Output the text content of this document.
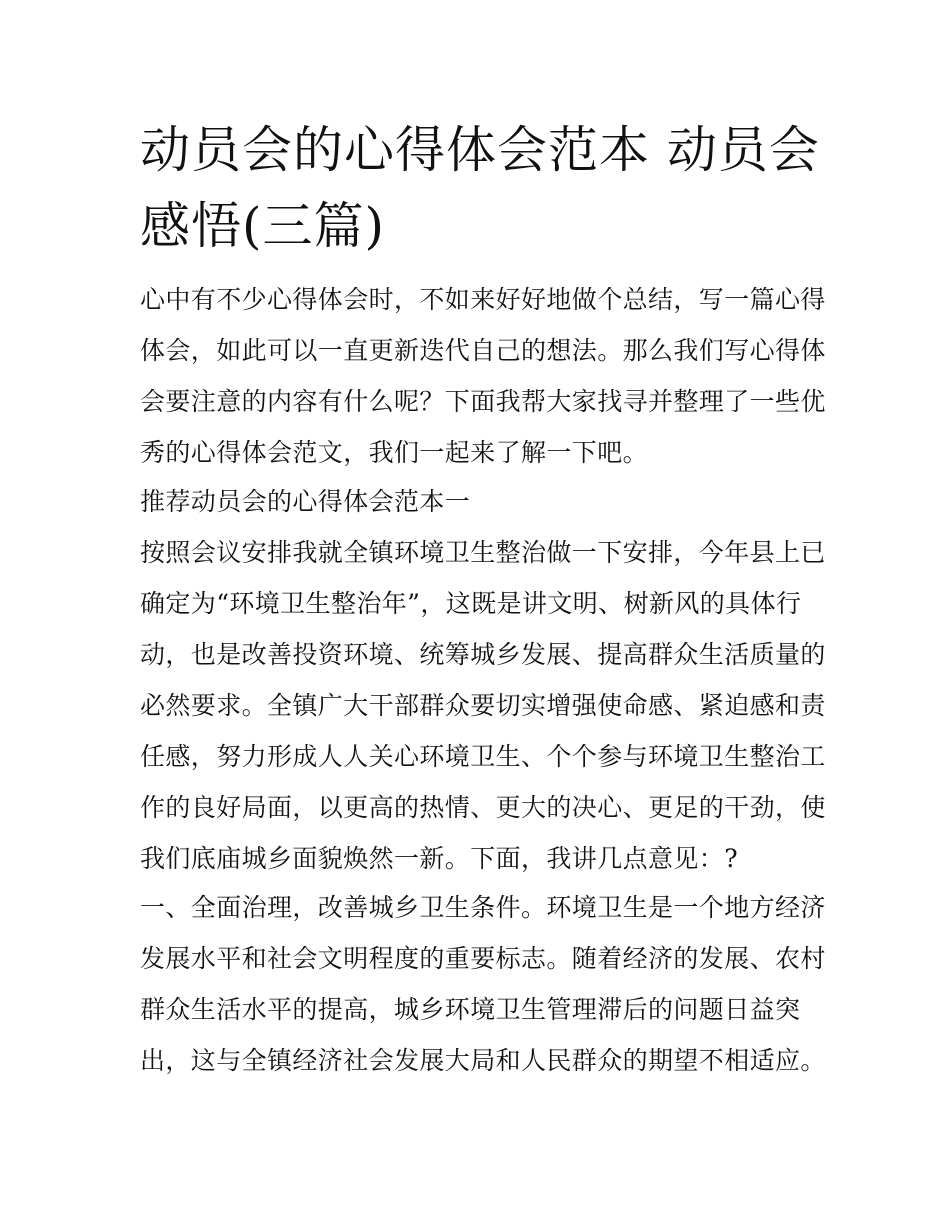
动员会的心得体会范本 动员会
感悟(三篇)
心中有不少心得体会时，不如来好好地做个总结，写一篇心得
体会，如此可以一直更新迭代自己的想法。那么我们写心得体
会要注意的内容有什么呢？下面我帮大家找寻并整理了一些优
秀的心得体会范文，我们一起来了解一下吧。
推荐动员会的心得体会范本一
按照会议安排我就全镇环境卫生整治做一下安排，今年县上已
确定为“环境卫生整治年”，这既是讲文明、树新风的具体行
动，也是改善投资环境、统筹城乡发展、提高群众生活质量的
必然要求。全镇广大干部群众要切实增强使命感、紧迫感和责
任感，努力形成人人关心环境卫生、个个参与环境卫生整治工
作的良好局面，以更高的热情、更大的决心、更足的干劲，使
我们底庙城乡面貌焕然一新。下面，我讲几点意见：?
一、全面治理，改善城乡卫生条件。环境卫生是一个地方经济
发展水平和社会文明程度的重要标志。随着经济的发展、农村
群众生活水平的提高，城乡环境卫生管理滞后的问题日益突
出，这与全镇经济社会发展大局和人民群众的期望不相适应。
